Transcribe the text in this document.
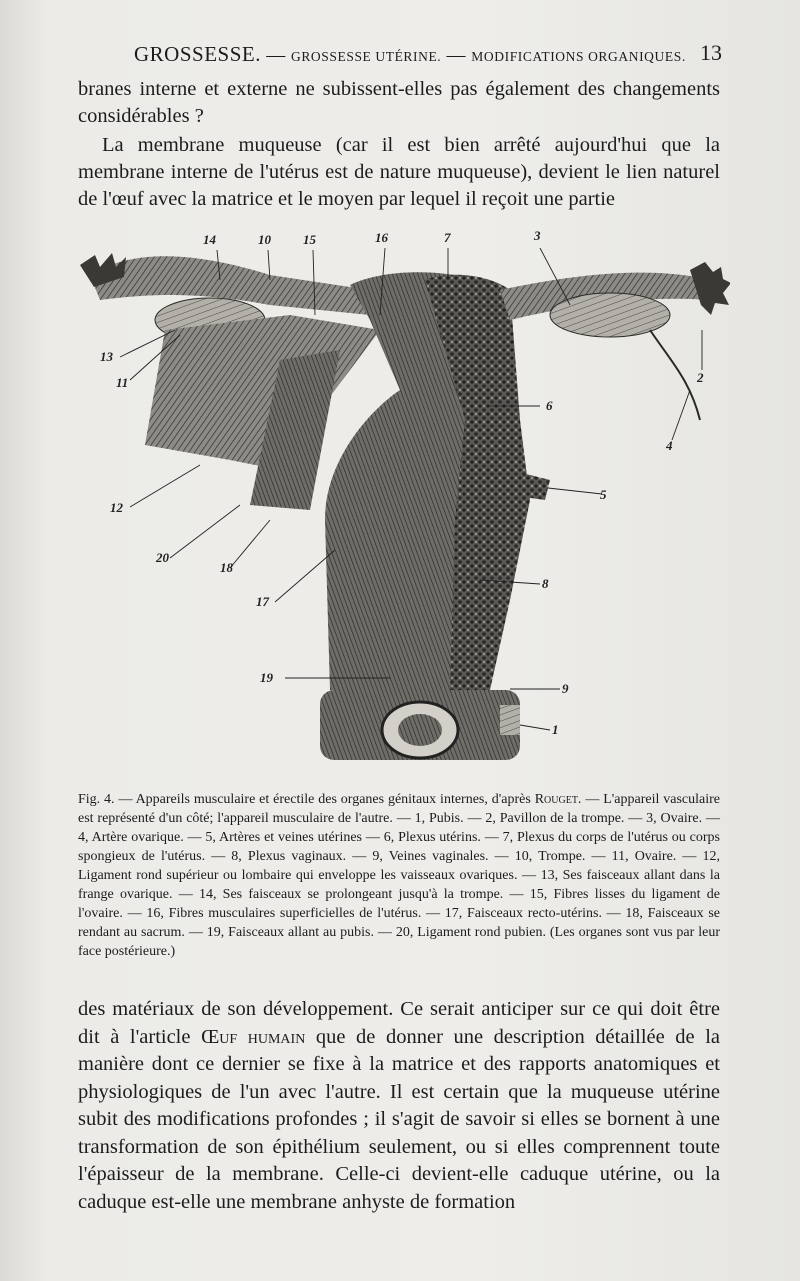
GROSSESSE. — GROSSESSE UTÉRINE. — MODIFICATIONS ORGANIQUES. 13

branes interne et externe ne subissent-elles pas également des changements considérables ?

La membrane muqueuse (car il est bien arrêté aujourd'hui que la membrane interne de l'utérus est de nature muqueuse), devient le lien naturel de l'œuf avec la matrice et le moyen par lequel il reçoit une partie

14	10 15	16	7	3
13
11	2
6
4
5
12
20
18
8
17
19
9
1
Fig. 4. — Appareils musculaire et érectile des organes génitaux internes, d'après Rouget. — L'appareil vasculaire est représenté d'un côté; l'appareil musculaire de l'autre. — 1, Pubis. — 2, Pavillon de la trompe. — 3, Ovaire. — 4, Artère ovarique. — 5, Artères et veines utérines — 6, Plexus utérins. — 7, Plexus du corps de l'utérus ou corps spongieux de l'utérus. — 8, Plexus vaginaux. — 9, Veines vaginales. — 10, Trompe. — 11, Ovaire. — 12, Ligament rond supérieur ou lombaire qui enveloppe les vaisseaux ovariques. — 13, Ses faisceaux allant dans la frange ovarique. — 14, Ses faisceaux se prolongeant jusqu'à la trompe. — 15, Fibres lisses du ligament de l'ovaire. — 16, Fibres musculaires superficielles de l'utérus. — 17, Faisceaux recto-utérins. — 18, Faisceaux se rendant au sacrum. — 19, Faisceaux allant au pubis. — 20, Ligament rond pubien. (Les organes sont vus par leur face postérieure.)

des matériaux de son développement. Ce serait anticiper sur ce qui doit être dit à l'article Œuf humain que de donner une description détaillée de la manière dont ce dernier se fixe à la matrice et des rapports anatomiques et physiologiques de l'un avec l'autre. Il est certain que la muqueuse utérine subit des modifications profondes ; il s'agit de savoir si elles se bornent à une transformation de son épithélium seulement, ou si elles comprennent toute l'épaisseur de la membrane. Celle-ci devient-elle caduque utérine, ou la caduque est-elle une membrane anhyste de formation
